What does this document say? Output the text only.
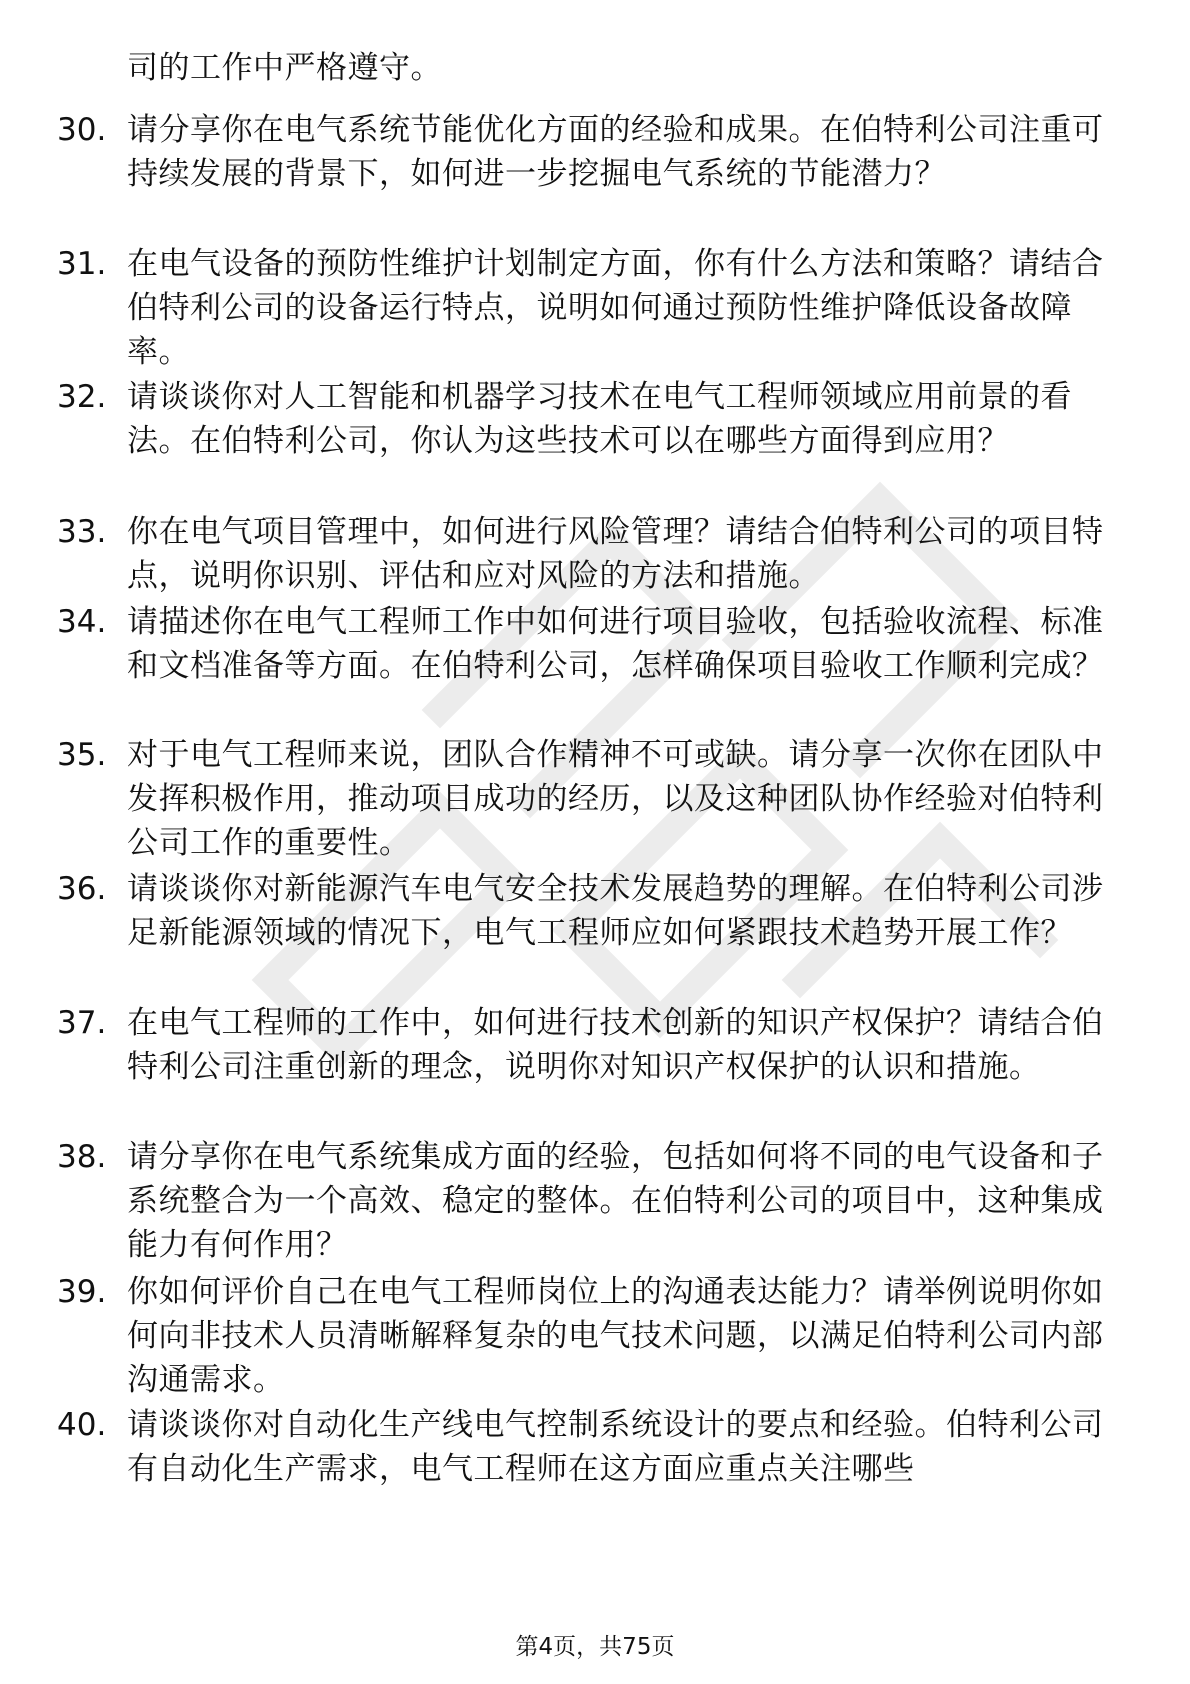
司的工作中严格遵守。
30. 请分享你在电气系统节能优化方面的经验和成果。在伯特利公司注重可持续发展的背景下，如何进一步挖掘电气系统的节能潜力？
31. 在电气设备的预防性维护计划制定方面，你有什么方法和策略？请结合伯特利公司的设备运行特点，说明如何通过预防性维护降低设备故障率。
32. 请谈谈你对人工智能和机器学习技术在电气工程师领域应用前景的看法。在伯特利公司，你认为这些技术可以在哪些方面得到应用？
33. 你在电气项目管理中，如何进行风险管理？请结合伯特利公司的项目特点，说明你识别、评估和应对风险的方法和措施。
34. 请描述你在电气工程师工作中如何进行项目验收，包括验收流程、标准和文档准备等方面。在伯特利公司，怎样确保项目验收工作顺利完成？
35. 对于电气工程师来说，团队合作精神不可或缺。请分享一次你在团队中发挥积极作用，推动项目成功的经历，以及这种团队协作经验对伯特利公司工作的重要性。
36. 请谈谈你对新能源汽车电气安全技术发展趋势的理解。在伯特利公司涉足新能源领域的情况下，电气工程师应如何紧跟技术趋势开展工作？
37. 在电气工程师的工作中，如何进行技术创新的知识产权保护？请结合伯特利公司注重创新的理念，说明你对知识产权保护的认识和措施。
38. 请分享你在电气系统集成方面的经验，包括如何将不同的电气设备和子系统整合为一个高效、稳定的整体。在伯特利公司的项目中，这种集成能力有何作用？
39. 你如何评价自己在电气工程师岗位上的沟通表达能力？请举例说明你如何向非技术人员清晰解释复杂的电气技术问题，以满足伯特利公司内部沟通需求。
40. 请谈谈你对自动化生产线电气控制系统设计的要点和经验。伯特利公司有自动化生产需求，电气工程师在这方面应重点关注哪些
第4页，共75页
